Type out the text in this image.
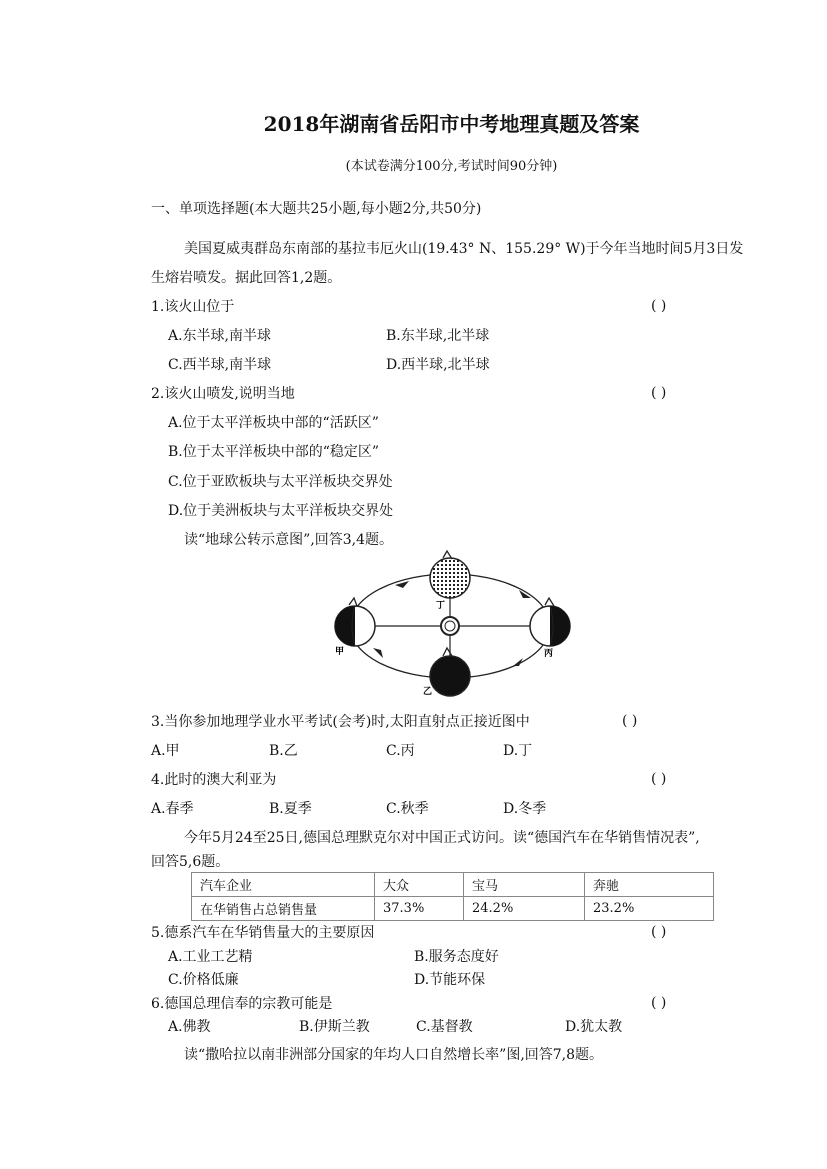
2018年湖南省岳阳市中考地理真题及答案
(本试卷满分100分,考试时间90分钟)
一、单项选择题(本大题共25小题,每小题2分,共50分)
美国夏威夷群岛东南部的基拉韦厄火山(19.43° N、155.29° W)于今年当地时间5月3日发
生熔岩喷发。据此回答1,2题。
1.该火山位于	( )
A.东半球,南半球	B.东半球,北半球
C.西半球,南半球	D.西半球,北半球
2.该火山喷发,说明当地	( )
A.位于太平洋板块中部的“活跃区”
B.位于太平洋板块中部的“稳定区”
C.位于亚欧板块与太平洋板块交界处
D.位于美洲板块与太平洋板块交界处
读“地球公转示意图”,回答3,4题。
甲
乙
丙
丁
3.当你参加地理学业水平考试(会考)时,太阳直射点正接近图中	( )
A.甲	B.乙	C.丙	D.丁
4.此时的澳大利亚为	( )
A.春季	B.夏季	C.秋季	D.冬季
今年5月24至25日,德国总理默克尔对中国正式访问。读“德国汽车在华销售情况表”,
回答5,6题。
汽车企业	大众	宝马	奔驰
在华销售占总销售量	37.3%	24.2%	23.2%
5.德系汽车在华销售量大的主要原因	( )
A.工业工艺精	B.服务态度好
C.价格低廉	D.节能环保
6.德国总理信奉的宗教可能是	( )
A.佛教	B.伊斯兰教	C.基督教	D.犹太教
读“撒哈拉以南非洲部分国家的年均人口自然增长率”图,回答7,8题。
